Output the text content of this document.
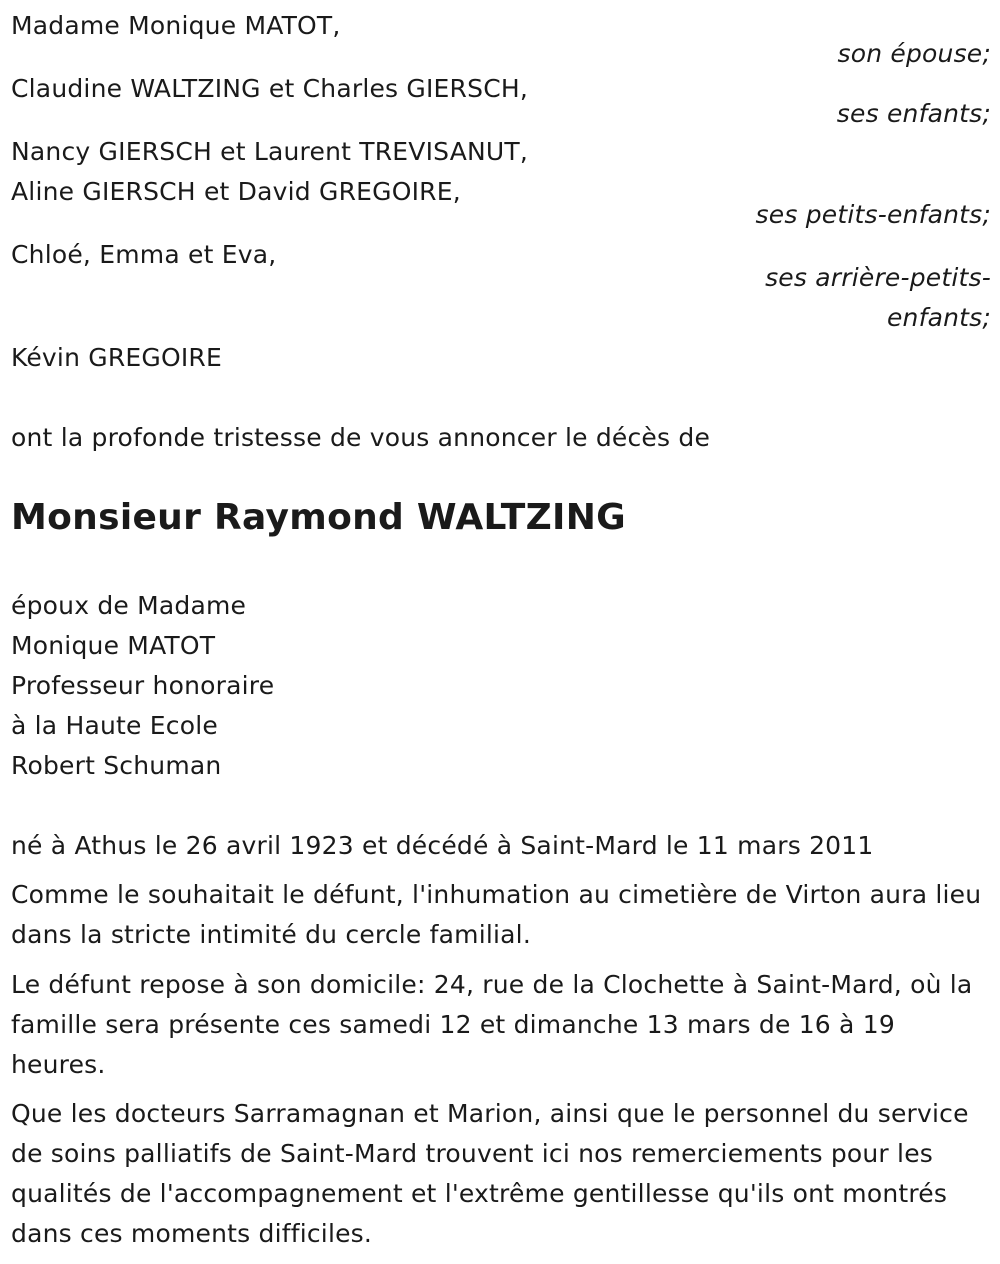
Madame Monique MATOT,
son épouse;
Claudine WALTZING et Charles GIERSCH,
ses enfants;
Nancy GIERSCH et Laurent TREVISANUT,
Aline GIERSCH et David GREGOIRE,
ses petits-enfants;
Chloé, Emma et Eva,
ses arrière-petits-
enfants;
Kévin GREGOIRE
ont la profonde tristesse de vous annoncer le décès de
Monsieur Raymond WALTZING
époux de Madame
Monique MATOT
Professeur honoraire
à la Haute Ecole
Robert Schuman
né à Athus le 26 avril 1923 et décédé à Saint-Mard le 11 mars 2011
Comme le souhaitait le défunt, l'inhumation au cimetière de Virton aura lieu dans la stricte intimité du cercle familial.
Le défunt repose à son domicile: 24, rue de la Clochette à Saint-Mard, où la famille sera présente ces samedi 12 et dimanche 13 mars de 16 à 19 heures.
Que les docteurs Sarramagnan et Marion, ainsi que le personnel du service de soins palliatifs de Saint-Mard trouvent ici nos remerciements pour les qualités de l'accompagnement et l'extrême gentillesse qu'ils ont montrés dans ces moments difficiles.
